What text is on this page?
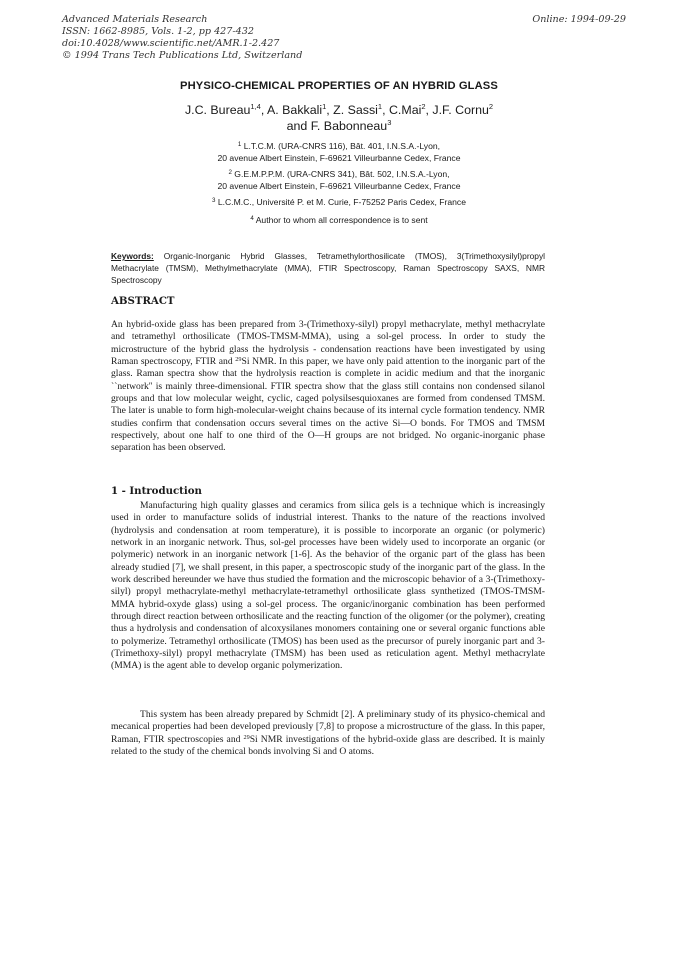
Advanced Materials Research
ISSN: 1662-8985, Vols. 1-2, pp 427-432
doi:10.4028/www.scientific.net/AMR.1-2.427
© 1994 Trans Tech Publications Ltd, Switzerland
Online: 1994-09-29
PHYSICO-CHEMICAL PROPERTIES OF AN HYBRID GLASS
J.C. Bureau$^{1,4}$, A. Bakkali$^1$, Z. Sassi$^1$, C.Mai$^2$, J.F. Cornu$^2$
and F. Babonneau$^3$
$^1$ L.T.C.M. (URA-CNRS 116), Bât. 401, I.N.S.A.-Lyon,
20 avenue Albert Einstein, F-69621 Villeurbanne Cedex, France
$^2$ G.E.M.P.P.M. (URA-CNRS 341), Bât. 502, I.N.S.A.-Lyon,
20 avenue Albert Einstein, F-69621 Villeurbanne Cedex, France
$^3$ L.C.M.C., Université P. et M. Curie, F-75252 Paris Cedex, France
$^4$ Author to whom all correspondence is to sent
Keywords: Organic-Inorganic Hybrid Glasses, Tetramethylorthosilicate (TMOS), 3(Trimethoxysilyl)propyl Methacrylate (TMSM), Methylmethacrylate (MMA), FTIR Spectroscopy, Raman Spectroscopy SAXS, NMR Spectroscopy
ABSTRACT
An hybrid-oxide glass has been prepared from 3-(Trimethoxy-silyl) propyl methacrylate, methyl methacrylate and tetramethyl orthosilicate (TMOS-TMSM-MMA), using a sol-gel process. In order to study the microstructure of the hybrid glass the hydrolysis - condensation reactions have been investigated by using Raman spectroscopy, FTIR and $^{29}$Si NMR. In this paper, we have only paid attention to the inorganic part of the glass. Raman spectra show that the hydrolysis reaction is complete in acidic medium and that the inorganic ``network'' is mainly three-dimensional. FTIR spectra show that the glass still contains non condensed silanol groups and that low molecular weight, cyclic, caged polysilsesquioxanes are formed from condensed TMSM. The later is unable to form high-molecular-weight chains because of its internal cycle formation tendency. NMR studies confirm that condensation occurs several times on the active Si—O bonds. For TMOS and TMSM respectively, about one half to one third of the O—H groups are not bridged. No organic-inorganic phase separation has been observed.
1 - Introduction
Manufacturing high quality glasses and ceramics from silica gels is a technique which is increasingly used in order to manufacture solids of industrial interest. Thanks to the nature of the reactions involved (hydrolysis and condensation at room temperature), it is possible to incorporate an organic (or polymeric) network in an inorganic network. Thus, sol-gel processes have been widely used to incorporate an organic (or polymeric) network in an inorganic network [1-6]. As the behavior of the organic part of the glass has been already studied [7], we shall present, in this paper, a spectroscopic study of the inorganic part of the glass. In the work described hereunder we have thus studied the formation and the microscopic behavior of a 3-(Trimethoxy-silyl) propyl methacrylate-methyl methacrylate-tetramethyl orthosilicate glass synthetized (TMOS-TMSM-MMA hybrid-oxyde glass) using a sol-gel process. The organic/inorganic combination has been performed through direct reaction between orthosilicate and the reacting function of the oligomer (or the polymer), creating thus a hydrolysis and condensation of alcoxysilanes monomers containing one or several organic functions able to polymerize. Tetramethyl orthosilicate (TMOS) has been used as the precursor of purely inorganic part and 3-(Trimethoxy-silyl) propyl methacrylate (TMSM) has been used as reticulation agent. Methyl methacrylate (MMA) is the agent able to develop organic polymerization.
This system has been already prepared by Schmidt [2]. A preliminary study of its physico-chemical and mecanical properties had been developed previously [7,8] to propose a microstructure of the glass. In this paper, Raman, FTIR spectroscopies and $^{29}$Si NMR investigations of the hybrid-oxide glass are described. It is mainly related to the study of the chemical bonds involving Si and O atoms.
